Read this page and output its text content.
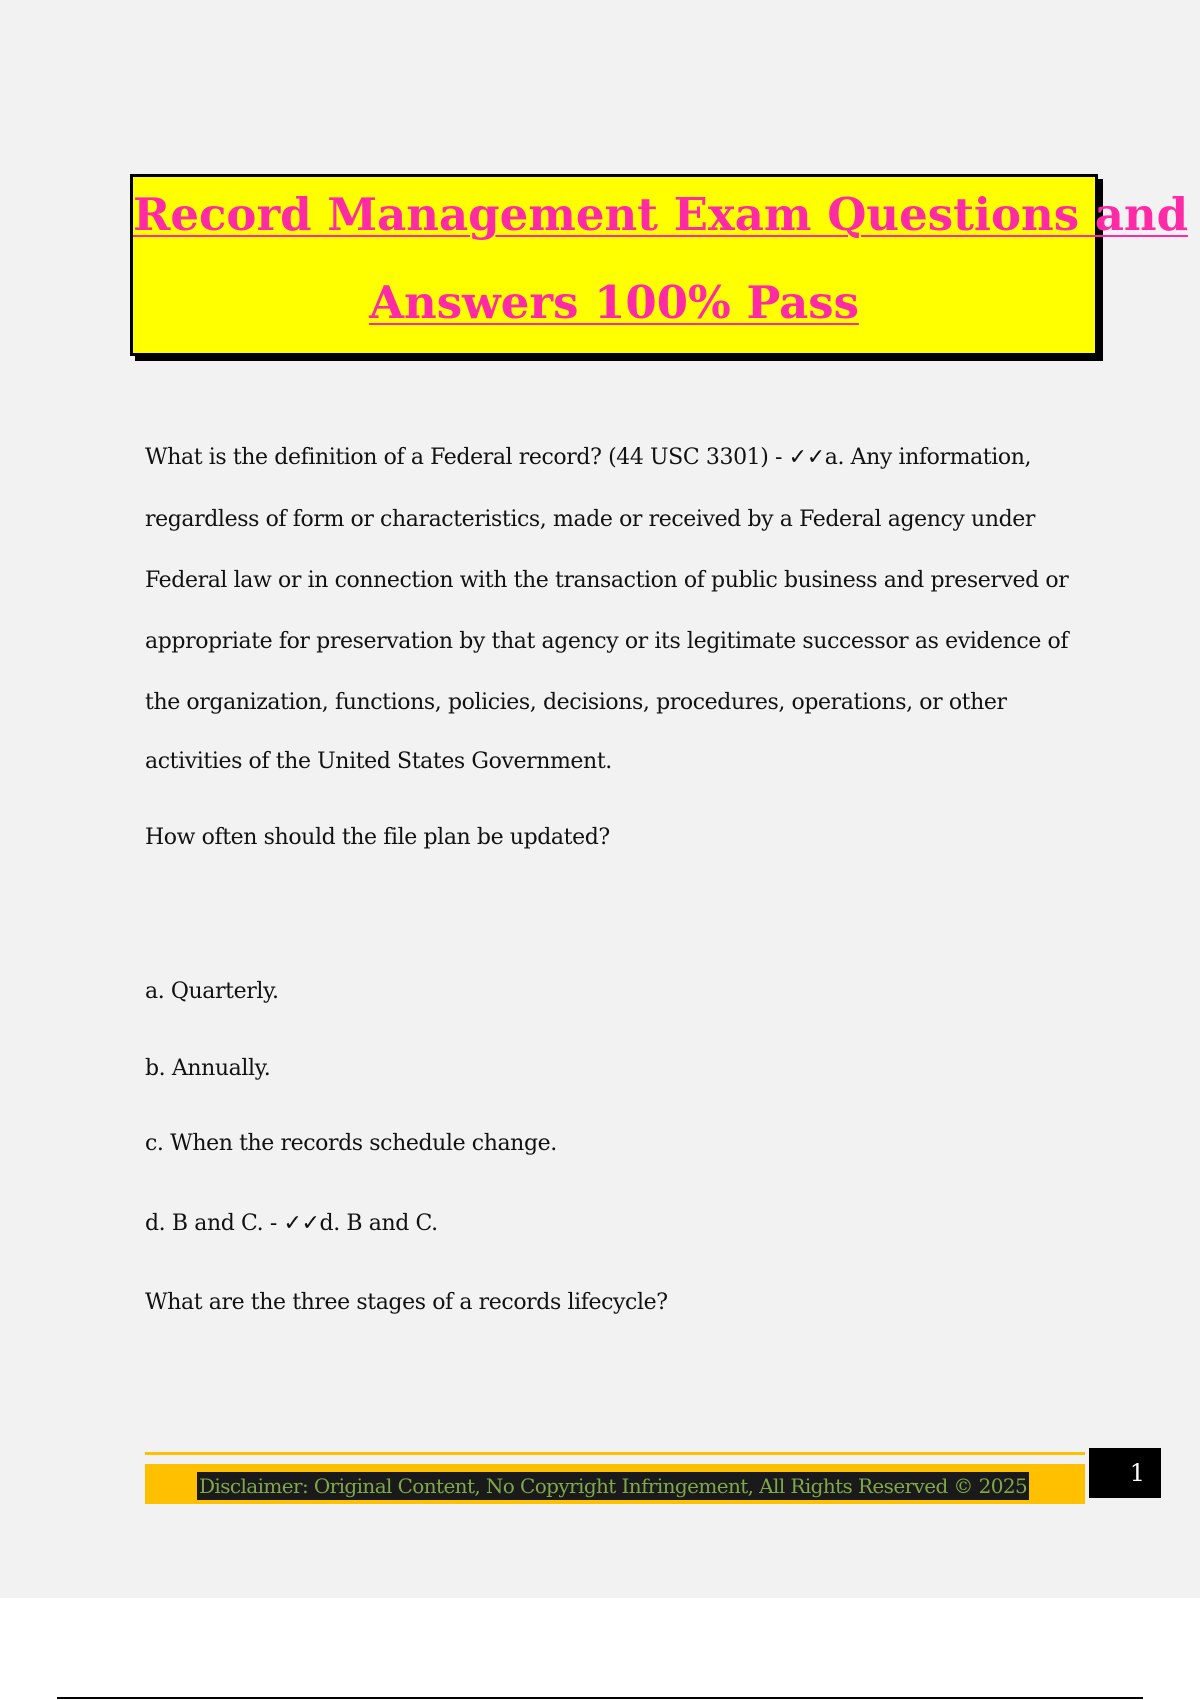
Record Management Exam Questions and
Answers 100% Pass
What is the definition of a Federal record? (44 USC 3301) - ✓✓a. Any information,
regardless of form or characteristics, made or received by a Federal agency under
Federal law or in connection with the transaction of public business and preserved or
appropriate for preservation by that agency or its legitimate successor as evidence of
the organization, functions, policies, decisions, procedures, operations, or other
activities of the United States Government.
How often should the file plan be updated?
a. Quarterly.
b. Annually.
c. When the records schedule change.
d. B and C. - ✓✓d. B and C.
What are the three stages of a records lifecycle?
Disclaimer: Original Content, No Copyright Infringement, All Rights Reserved © 2025	1
